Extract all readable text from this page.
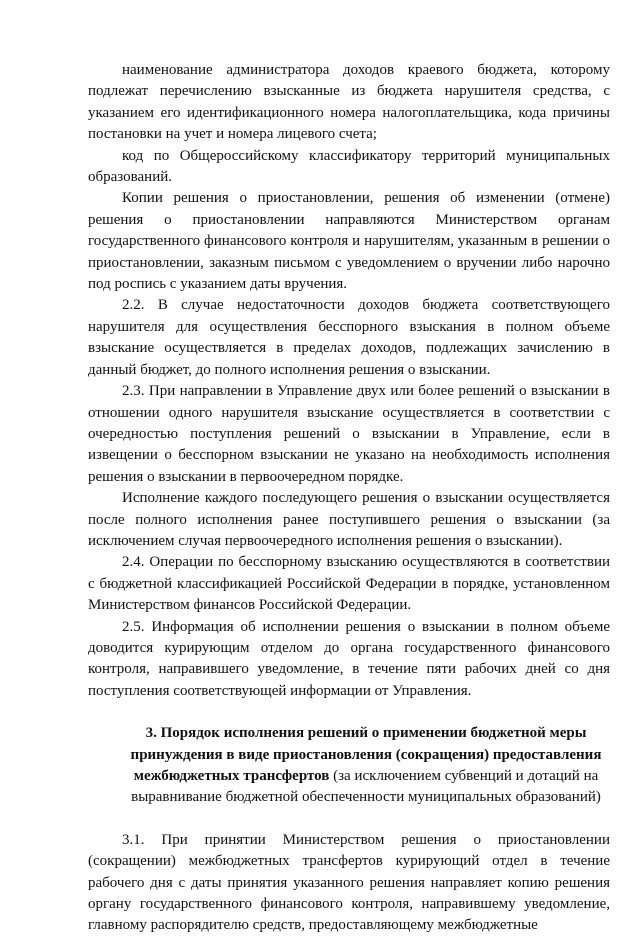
наименование администратора доходов краевого бюджета, которому подлежат перечислению взысканные из бюджета нарушителя средства, с указанием его идентификационного номера налогоплательщика, кода причины постановки на учет и номера лицевого счета;

код по Общероссийскому классификатору территорий муниципальных образований.

Копии решения о приостановлении, решения об изменении (отмене) решения о приостановлении направляются Министерством органам государственного финансового контроля и нарушителям, указанным в решении о приостановлении, заказным письмом с уведомлением о вручении либо нарочно под роспись с указанием даты вручения.

2.2. В случае недостаточности доходов бюджета соответствующего нарушителя для осуществления бесспорного взыскания в полном объеме взыскание осуществляется в пределах доходов, подлежащих зачислению в данный бюджет, до полного исполнения решения о взыскании.

2.3. При направлении в Управление двух или более решений о взыскании в отношении одного нарушителя взыскание осуществляется в соответствии с очередностью поступления решений о взыскании в Управление, если в извещении о бесспорном взыскании не указано на необходимость исполнения решения о взыскании в первоочередном порядке.

Исполнение каждого последующего решения о взыскании осуществляется после полного исполнения ранее поступившего решения о взыскании (за исключением случая первоочередного исполнения решения о взыскании).

2.4. Операции по бесспорному взысканию осуществляются в соответствии с бюджетной классификацией Российской Федерации в порядке, установленном Министерством финансов Российской Федерации.

2.5. Информация об исполнении решения о взыскании в полном объеме доводится курирующим отделом до органа государственного финансового контроля, направившего уведомление, в течение пяти рабочих дней со дня поступления соответствующей информации от Управления.

3. Порядок исполнения решений о применении бюджетной меры принуждения в виде приостановления (сокращения) предоставления межбюджетных трансфертов (за исключением субвенций и дотаций на выравнивание бюджетной обеспеченности муниципальных образований)

3.1. При принятии Министерством решения о приостановлении (сокращении) межбюджетных трансфертов курирующий отдел в течение рабочего дня с даты принятия указанного решения направляет копию решения органу государственного финансового контроля, направившему уведомление, главному распорядителю средств, предоставляющему межбюджетные
